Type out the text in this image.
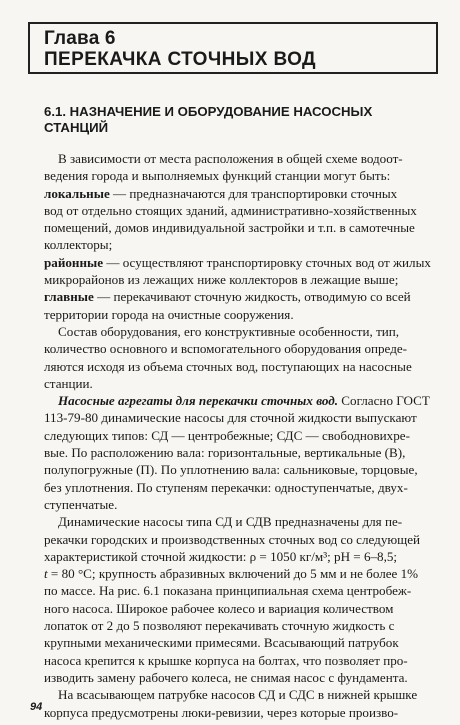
Глава 6
ПЕРЕКАЧКА СТОЧНЫХ ВОД
6.1. НАЗНАЧЕНИЕ И ОБОРУДОВАНИЕ НАСОСНЫХ
СТАНЦИЙ
В зависимости от места расположения в общей схеме водоот-
ведения города и выполняемых функций станции могут быть:
локальные — предназначаются для транспортировки сточных
вод от отдельно стоящих зданий, административно-хозяйственных
помещений, домов индивидуальной застройки и т.п. в самотечные
коллекторы;
районные — осуществляют транспортировку сточных вод от жилых
микрорайонов из лежащих ниже коллекторов в лежащие выше;
главные — перекачивают сточную жидкость, отводимую со всей
территории города на очистные сооружения.
Состав оборудования, его конструктивные особенности, тип,
количество основного и вспомогательного оборудования опреде-
ляются исходя из объема сточных вод, поступающих на насосные
станции.
Насосные агрегаты для перекачки сточных вод. Согласно ГОСТ
113-79-80 динамические насосы для сточной жидкости выпускают
следующих типов: СД — центробежные; СДС — свободновихре-
вые. По расположению вала: горизонтальные, вертикальные (В),
полупогружные (П). По уплотнению вала: сальниковые, торцовые,
без уплотнения. По ступеням перекачки: одноступенчатые, двух-
ступенчатые.
Динамические насосы типа СД и СДВ предназначены для пе-
рекачки городских и производственных сточных вод со следующей
характеристикой сточной жидкости: ρ = 1050 кг/м³; рН = 6–8,5;
t = 80 °С; крупность абразивных включений до 5 мм и не более 1%
по массе. На рис. 6.1 показана принципиальная схема центробеж-
ного насоса. Широкое рабочее колесо и вариация количеством
лопаток от 2 до 5 позволяют перекачивать сточную жидкость с
крупными механическими примесями. Всасывающий патрубок
насоса крепится к крышке корпуса на болтах, что позволяет про-
изводить замену рабочего колеса, не снимая насос с фундамента.
На всасывающем патрубке насосов СД и СДС в нижней крышке
корпуса предусмотрены люки-ревизии, через которые произво-
94
